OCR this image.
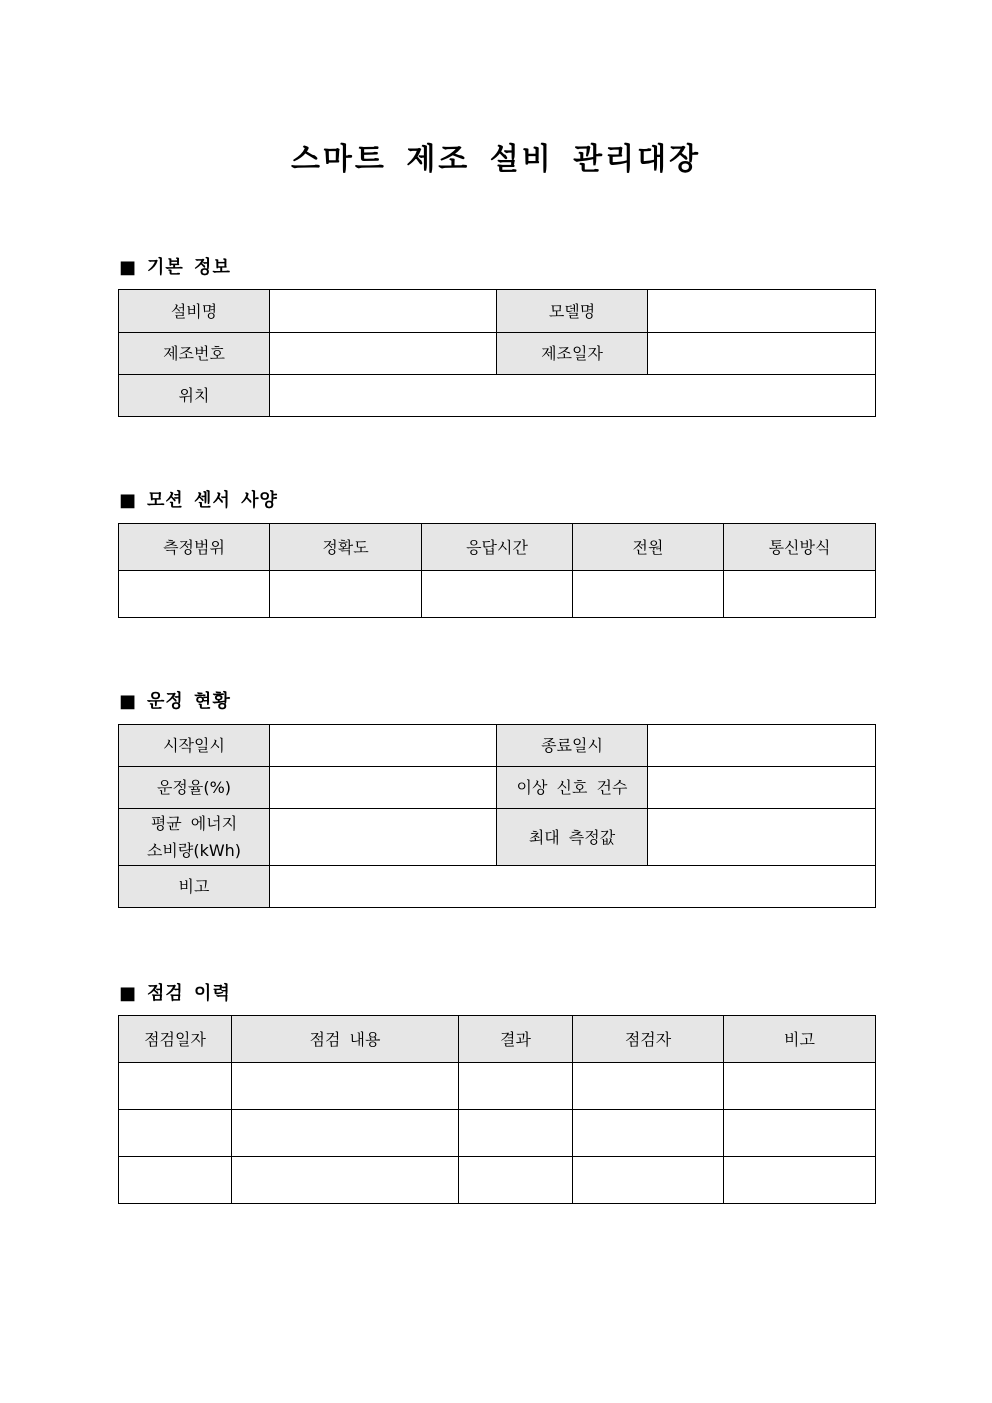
스마트 제조 설비 관리대장
■ 기본 정보
설비명		모델명	
제조번호		제조일자	
위치			
■ 모션 센서 사양
측정범위	정확도	응답시간	전원	통신방식

■ 운정 현황
시작일시		종료일시	
운정율(%)		이상 신호 건수	

평균 에너지
소비량(kWh)		최대 측정값	
비고			
■ 점검 이력
점검일자	점검 내용	결과	점검자	비고
